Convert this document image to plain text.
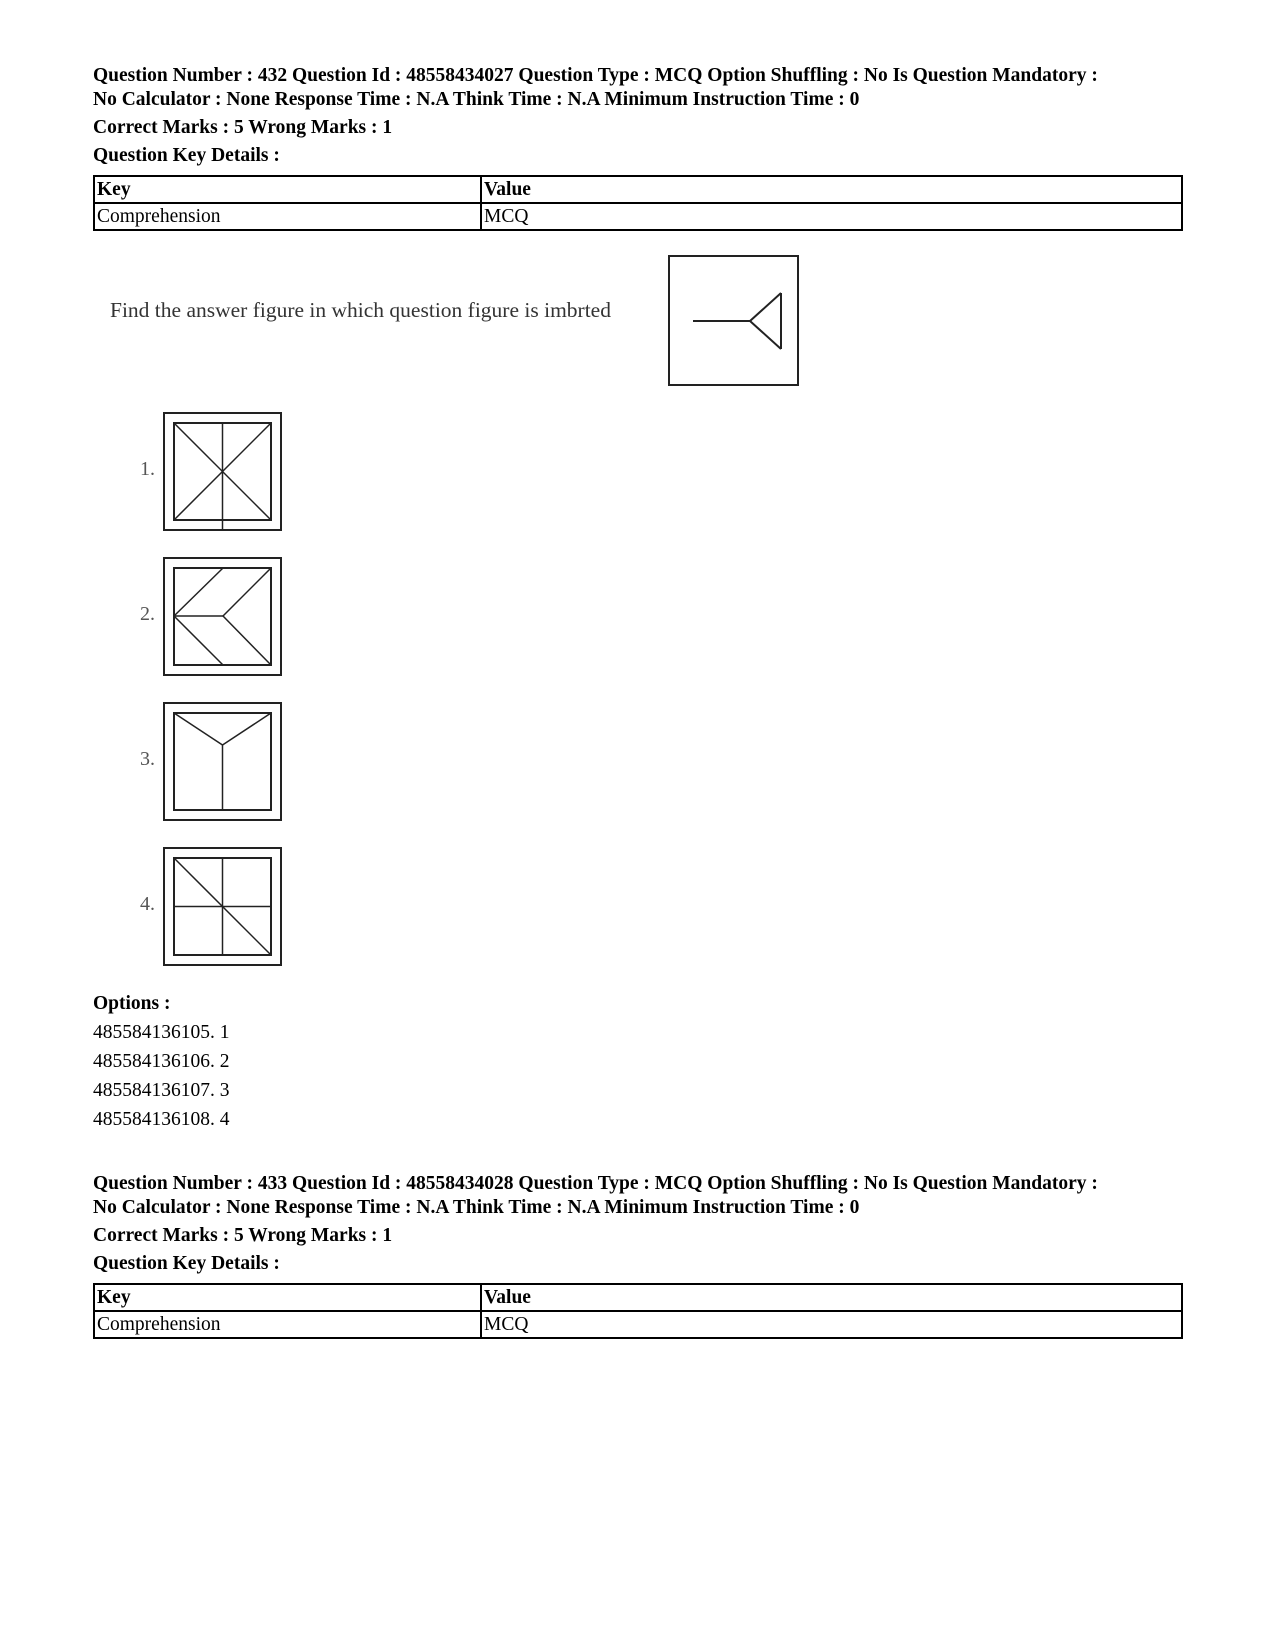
Question Number : 432 Question Id : 48558434027 Question Type : MCQ Option Shuffling : No Is Question Mandatory :

No Calculator : None Response Time : N.A Think Time : N.A Minimum Instruction Time : 0

Correct Marks : 5 Wrong Marks : 1

Question Key Details :

Key	Value
Comprehension	MCQ
Find the answer figure in which question figure is imbrted
1.
2.
3.
4.

Options :

485584136105. 1

485584136106. 2

485584136107. 3

485584136108. 4

Question Number : 433 Question Id : 48558434028 Question Type : MCQ Option Shuffling : No Is Question Mandatory :

No Calculator : None Response Time : N.A Think Time : N.A Minimum Instruction Time : 0

Correct Marks : 5 Wrong Marks : 1

Question Key Details :

Key	Value
Comprehension	MCQ
